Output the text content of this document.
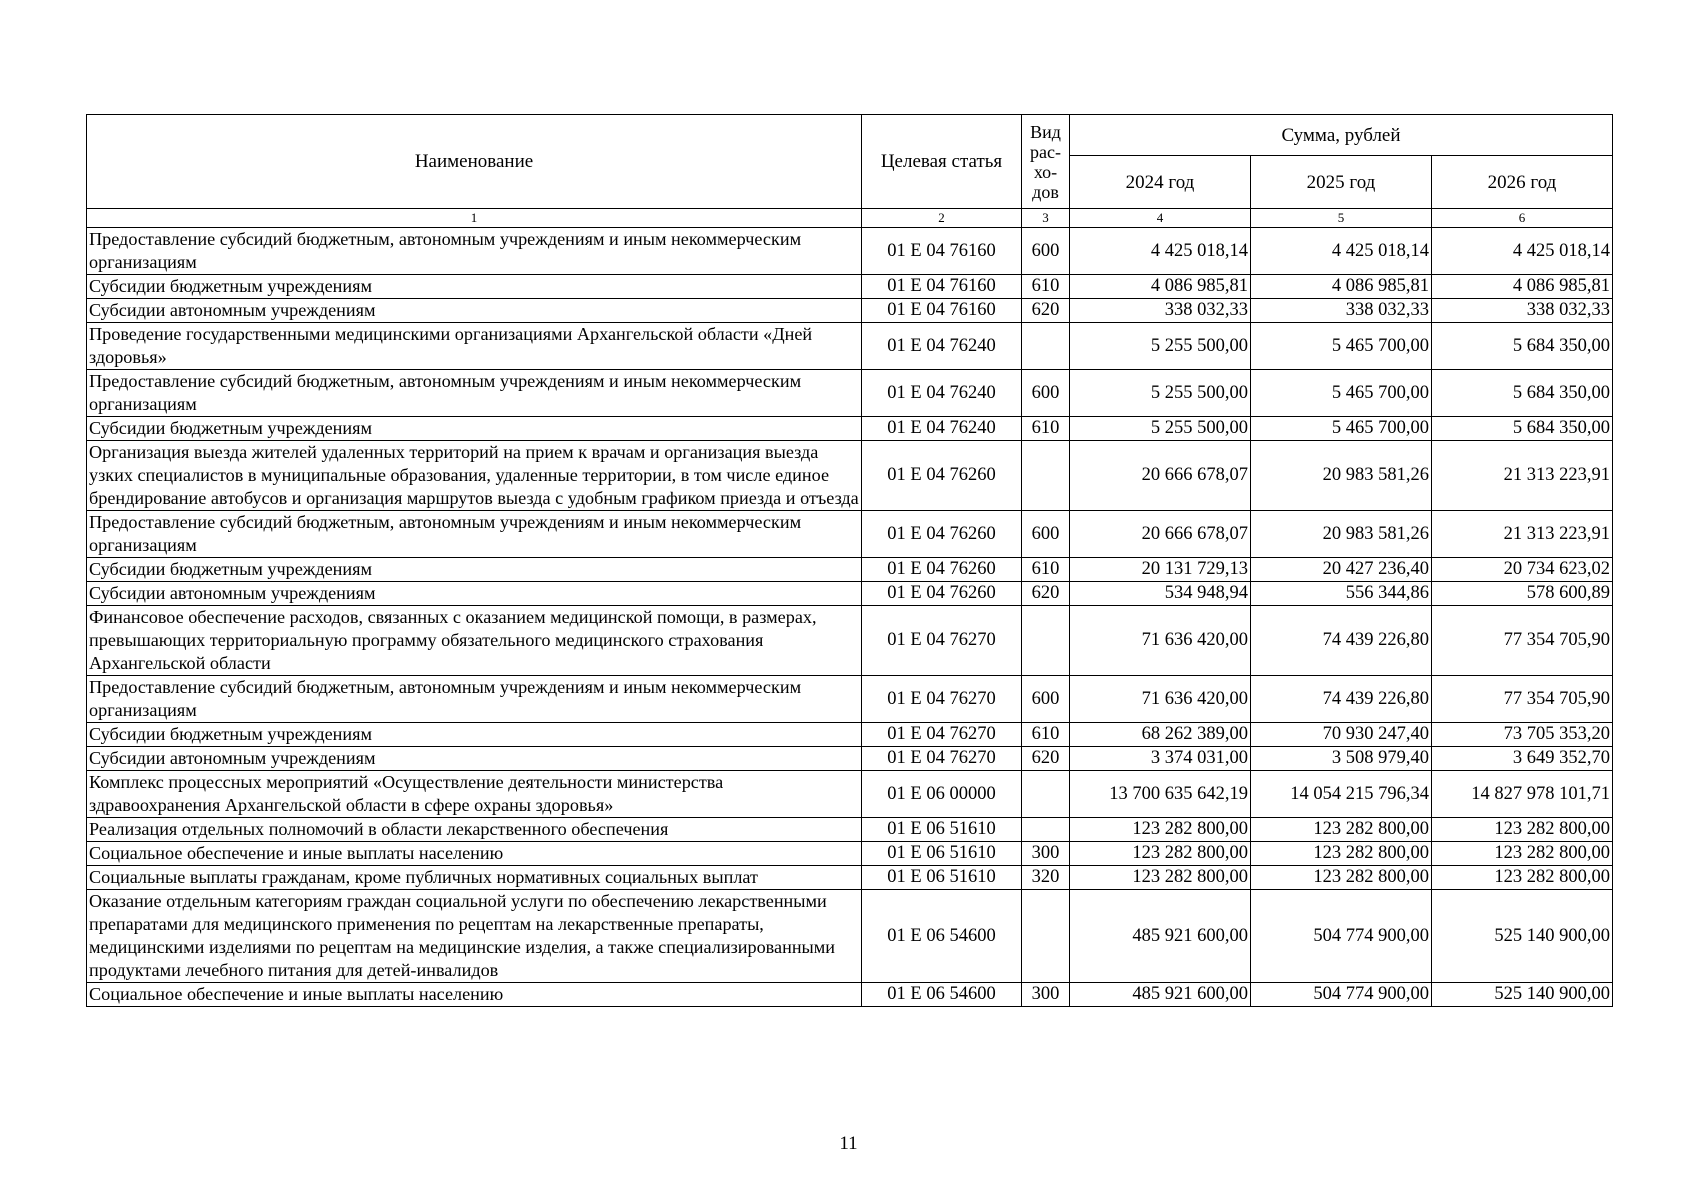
Наименование	Целевая статья	Вид
рас-
хо-
дов	Сумма, рублей		
			2024 год	2025 год	2026 год
1	2	3	4	5	6
Предоставление субсидий бюджетным, автономным учреждениям и иным некоммерческим организациям	01 Е 04 76160	600	4 425 018,14	4 425 018,14	4 425 018,14
Субсидии бюджетным учреждениям	01 Е 04 76160	610	4 086 985,81	4 086 985,81	4 086 985,81
Субсидии автономным учреждениям	01 Е 04 76160	620	338 032,33	338 032,33	338 032,33
Проведение государственными медицинскими организациями Архангельской области «Дней здоровья»	01 Е 04 76240		5 255 500,00	5 465 700,00	5 684 350,00
Предоставление субсидий бюджетным, автономным учреждениям и иным некоммерческим организациям	01 Е 04 76240	600	5 255 500,00	5 465 700,00	5 684 350,00
Субсидии бюджетным учреждениям	01 Е 04 76240	610	5 255 500,00	5 465 700,00	5 684 350,00
Организация выезда жителей удаленных территорий на прием к врачам и организация выезда узких специалистов в муниципальные образования, удаленные территории, в том числе единое брендирование автобусов и организация маршрутов выезда с удобным графиком приезда и отъезда	01 Е 04 76260		20 666 678,07	20 983 581,26	21 313 223,91
Предоставление субсидий бюджетным, автономным учреждениям и иным некоммерческим организациям	01 Е 04 76260	600	20 666 678,07	20 983 581,26	21 313 223,91
Субсидии бюджетным учреждениям	01 Е 04 76260	610	20 131 729,13	20 427 236,40	20 734 623,02
Субсидии автономным учреждениям	01 Е 04 76260	620	534 948,94	556 344,86	578 600,89
Финансовое обеспечение расходов, связанных с оказанием медицинской помощи, в размерах, превышающих территориальную программу обязательного медицинского страхования Архангельской области	01 Е 04 76270		71 636 420,00	74 439 226,80	77 354 705,90
Предоставление субсидий бюджетным, автономным учреждениям и иным некоммерческим организациям	01 Е 04 76270	600	71 636 420,00	74 439 226,80	77 354 705,90
Субсидии бюджетным учреждениям	01 Е 04 76270	610	68 262 389,00	70 930 247,40	73 705 353,20
Субсидии автономным учреждениям	01 Е 04 76270	620	3 374 031,00	3 508 979,40	3 649 352,70
Комплекс процессных мероприятий «Осуществление деятельности министерства здравоохранения Архангельской области в сфере охраны здоровья»	01 Е 06 00000		13 700 635 642,19	14 054 215 796,34	14 827 978 101,71
Реализация отдельных полномочий в области лекарственного обеспечения	01 Е 06 51610		123 282 800,00	123 282 800,00	123 282 800,00
Социальное обеспечение и иные выплаты населению	01 Е 06 51610	300	123 282 800,00	123 282 800,00	123 282 800,00
Социальные выплаты гражданам, кроме публичных нормативных социальных выплат	01 Е 06 51610	320	123 282 800,00	123 282 800,00	123 282 800,00
Оказание отдельным категориям граждан социальной услуги по обеспечению лекарственными препаратами для медицинского применения по рецептам на лекарственные препараты, медицинскими изделиями по рецептам на медицинские изделия, а также специализированными продуктами лечебного питания для детей-инвалидов	01 Е 06 54600		485 921 600,00	504 774 900,00	525 140 900,00
Социальное обеспечение и иные выплаты населению	01 Е 06 54600	300	485 921 600,00	504 774 900,00	525 140 900,00
11
